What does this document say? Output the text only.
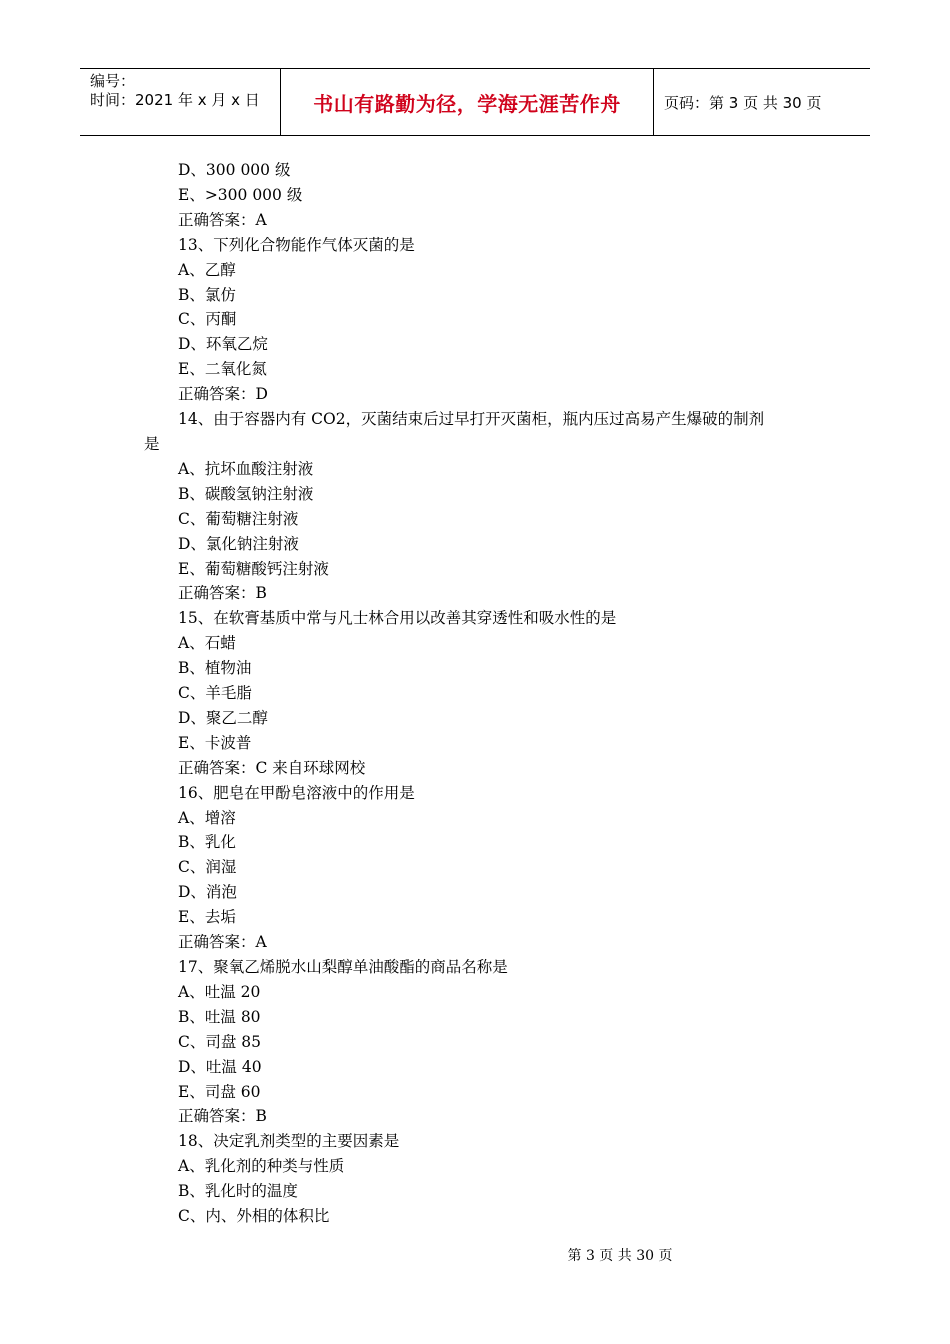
编号：
时间：2021 年 x 月 x 日	书山有路勤为径，学海无涯苦作舟	页码：第 3 页 共 30 页
D、300 000 级
E、>300 000 级
正确答案：A
13、下列化合物能作气体灭菌的是
A、乙醇
B、氯仿
C、丙酮
D、环氧乙烷
E、二氧化氮
正确答案：D
14、由于容器内有 CO2，灭菌结束后过早打开灭菌柜，瓶内压过高易产生爆破的制剂
是
A、抗坏血酸注射液
B、碳酸氢钠注射液
C、葡萄糖注射液
D、氯化钠注射液
E、葡萄糖酸钙注射液
正确答案：B
15、在软膏基质中常与凡士林合用以改善其穿透性和吸水性的是
A、石蜡
B、植物油
C、羊毛脂
D、聚乙二醇
E、卡波普
正确答案：C 来自环球网校
16、肥皂在甲酚皂溶液中的作用是
A、增溶
B、乳化
C、润湿
D、消泡
E、去垢
正确答案：A
17、聚氧乙烯脱水山梨醇单油酸酯的商品名称是
A、吐温 20
B、吐温 80
C、司盘 85
D、吐温 40
E、司盘 60
正确答案：B
18、决定乳剂类型的主要因素是
A、乳化剂的种类与性质
B、乳化时的温度
C、内、外相的体积比
第 3 页 共 30 页
